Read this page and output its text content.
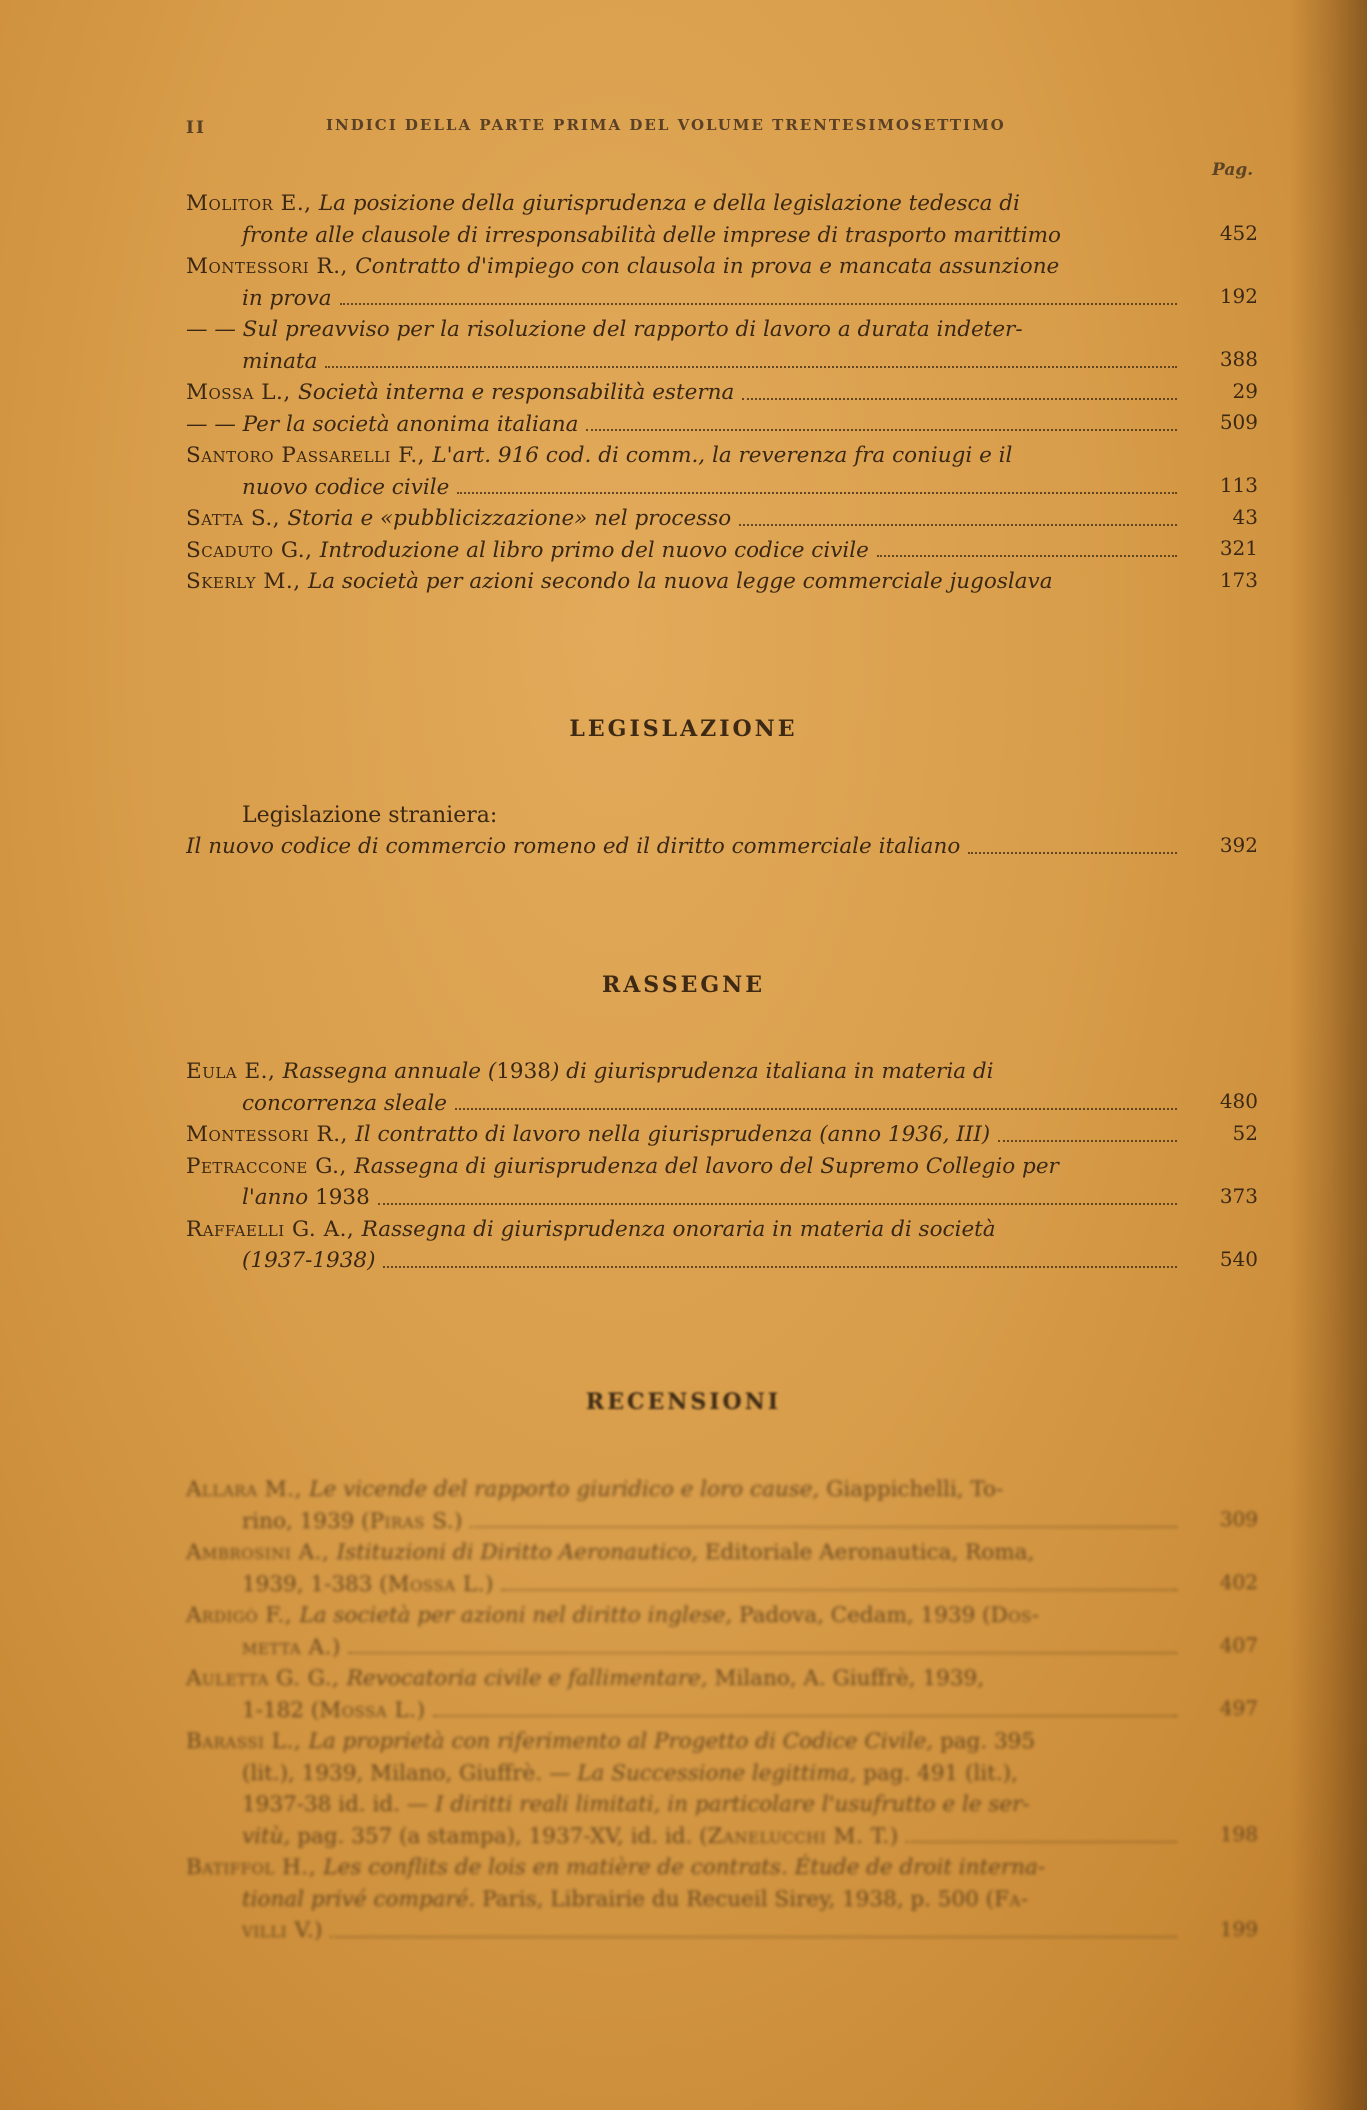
II	INDICI DELLA PARTE PRIMA DEL VOLUME TRENTESIMOSETTIMO
Pag.
Molitor E., La posizione della giurisprudenza e della legislazione tedesca di
fronte alle clausole di irresponsabilità delle imprese di trasporto marittimo	452
Montessori R., Contratto d'impiego con clausola in prova e mancata assunzione
in prova	192
— — Sul preavviso per la risoluzione del rapporto di lavoro a durata indeter-
minata	388
Mossa L., Società interna e responsabilità esterna	29
— — Per la società anonima italiana	509
Santoro Passarelli F., L'art. 916 cod. di comm., la reverenza fra coniugi e il
nuovo codice civile	113
Satta S., Storia e «pubblicizzazione» nel processo	43
Scaduto G., Introduzione al libro primo del nuovo codice civile	321
Skerly M., La società per azioni secondo la nuova legge commerciale jugoslava	173
LEGISLAZIONE
Legislazione straniera:
Il nuovo codice di commercio romeno ed il diritto commerciale italiano	392
RASSEGNE
Eula E., Rassegna annuale ( 1938 ) di giurisprudenza italiana in materia di
concorrenza sleale	480
Montessori R., Il contratto di lavoro nella giurisprudenza (anno 1936, III)	52
Petraccone G., Rassegna di giurisprudenza del lavoro del Supremo Collegio per
l'anno 1938	373
Raffaelli G. A., Rassegna di giurisprudenza onoraria in materia di società
(1937-1938)	540
RECENSIONI
Allara M., Le vicende del rapporto giuridico e loro cause, Giappichelli, To-
rino, 1939 ( Piras S. )	309
Ambrosini A., Istituzioni di Diritto Aeronautico, Editoriale Aeronautica, Roma,
1939, 1-383 ( Mossa L. )	402
Ardigò F., La società per azioni nel diritto inglese, Padova, Cedam, 1939 ( Dos-
metta A. )	407
Auletta G. G., Revocatoria civile e fallimentare, Milano, A. Giuffrè, 1939,
1-182 ( Mossa L. )	497
Barassi L., La proprietà con riferimento al Progetto di Codice Civile, pag. 395
(lit.), 1939, Milano, Giuffrè. — La Successione legittima, pag. 491 (lit.),
1937-38 id. id. — I diritti reali limitati, in particolare l'usufrutto e le ser-
vitù, pag. 357 (a stampa), 1937-XV, id. id. ( Zanelucchi M. T. )	198
Batiffol H., Les conflits de lois en matière de contrats. Étude de droit interna-
tional privé comparé. Paris, Librairie du Recueil Sirey, 1938, p. 500 ( Fa-
villi V. )	199
